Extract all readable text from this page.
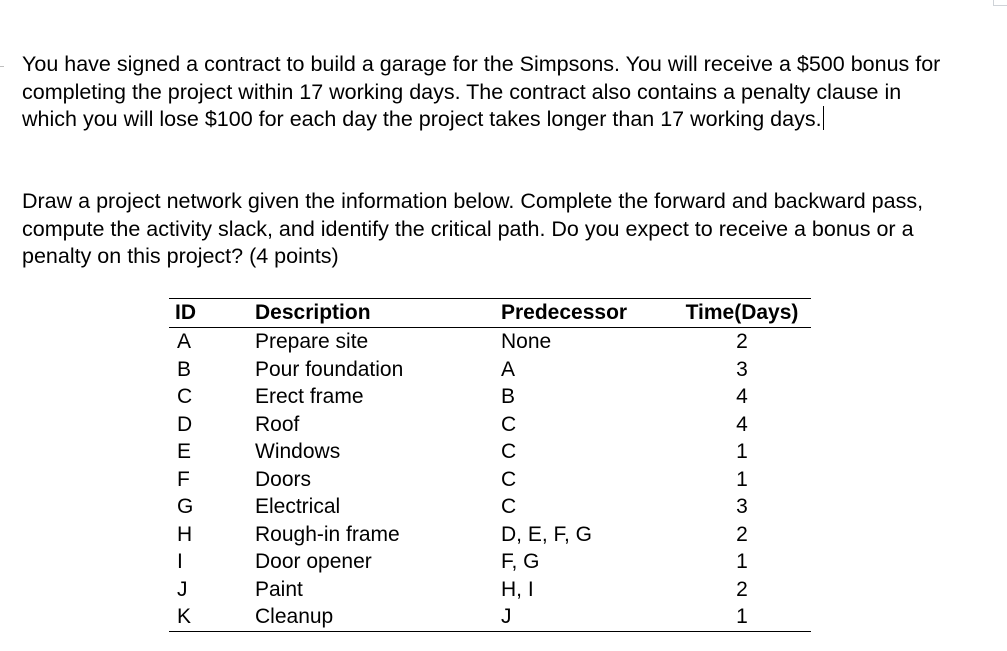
You have signed a contract to build a garage for the Simpsons. You will receive a $500 bonus for completing the project within 17 working days. The contract also contains a penalty clause in which you will lose $100 for each day the project takes longer than 17 working days.

Draw a project network given the information below. Complete the forward and backward pass, compute the activity slack, and identify the critical path. Do you expect to receive a bonus or a penalty on this project? (4 points)

ID	Description	Predecessor	Time(Days)
A	Prepare site	None	2
B	Pour foundation	A	3
C	Erect frame	B	4
D	Roof	C	4
E	Windows	C	1
F	Doors	C	1
G	Electrical	C	3
H	Rough-in frame	D, E, F, G	2
I	Door opener	F, G	1
J	Paint	H, I	2
K	Cleanup	J	1
